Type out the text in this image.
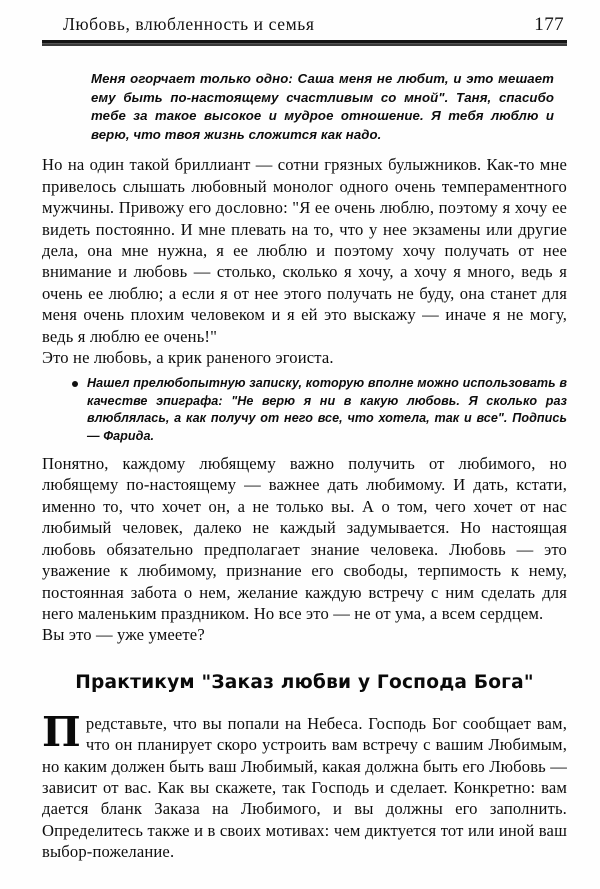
Любовь, влюбленность и семья	177
Меня огорчает только одно: Саша меня не любит, и это мешает ему быть по-настоящему счастливым со мной". Таня, спасибо тебе за такое высокое и мудрое отношение. Я тебя люблю и верю, что твоя жизнь сложится как надо.

Но на один такой бриллиант — сотни грязных булыжников. Как-то мне привелось слышать любовный монолог одного очень темпераментного мужчины. Привожу его дословно: "Я ее очень люблю, поэтому я хочу ее видеть постоянно. И мне плевать на то, что у нее экзамены или другие дела, она мне нужна, я ее люблю и поэтому хочу получать от нее внимание и любовь — столько, сколько я хочу, а хочу я много, ведь я очень ее люблю; а если я от нее этого получать не буду, она станет для меня очень плохим человеком и я ей это выскажу — иначе я не могу, ведь я люблю ее очень!"

Это не любовь, а крик раненого эгоиста.

Нашел прелюбопытную записку, которую вполне можно использовать в качестве эпиграфа: "Не верю я ни в какую любовь. Я сколько раз влюблялась, а как получу от него все, что хотела, так и все". Подпись — Фарида.

Понятно, каждому любящему важно получить от любимого, но любящему по-настоящему — важнее дать любимому. И дать, кстати, именно то, что хочет он, а не только вы. А о том, чего хочет от нас любимый человек, далеко не каждый задумывается. Но настоящая любовь обязательно предполагает знание человека. Любовь — это уважение к любимому, признание его свободы, терпимость к нему, постоянная забота о нем, желание каждую встречу с ним сделать для него маленьким праздником. Но все это — не от ума, а всем сердцем.

Вы это — уже умеете?

Практикум "Заказ любви у Господа Бога"

Представьте, что вы попали на Небеса. Господь Бог сообщает вам, что он планирует скоро устроить вам встречу с вашим Любимым, но каким должен быть ваш Любимый, какая должна быть его Любовь — зависит от вас. Как вы скажете, так Господь и сделает. Конкретно: вам дается бланк Заказа на Любимого, и вы должны его заполнить. Определитесь также и в своих мотивах: чем диктуется тот или иной ваш выбор-пожелание.
